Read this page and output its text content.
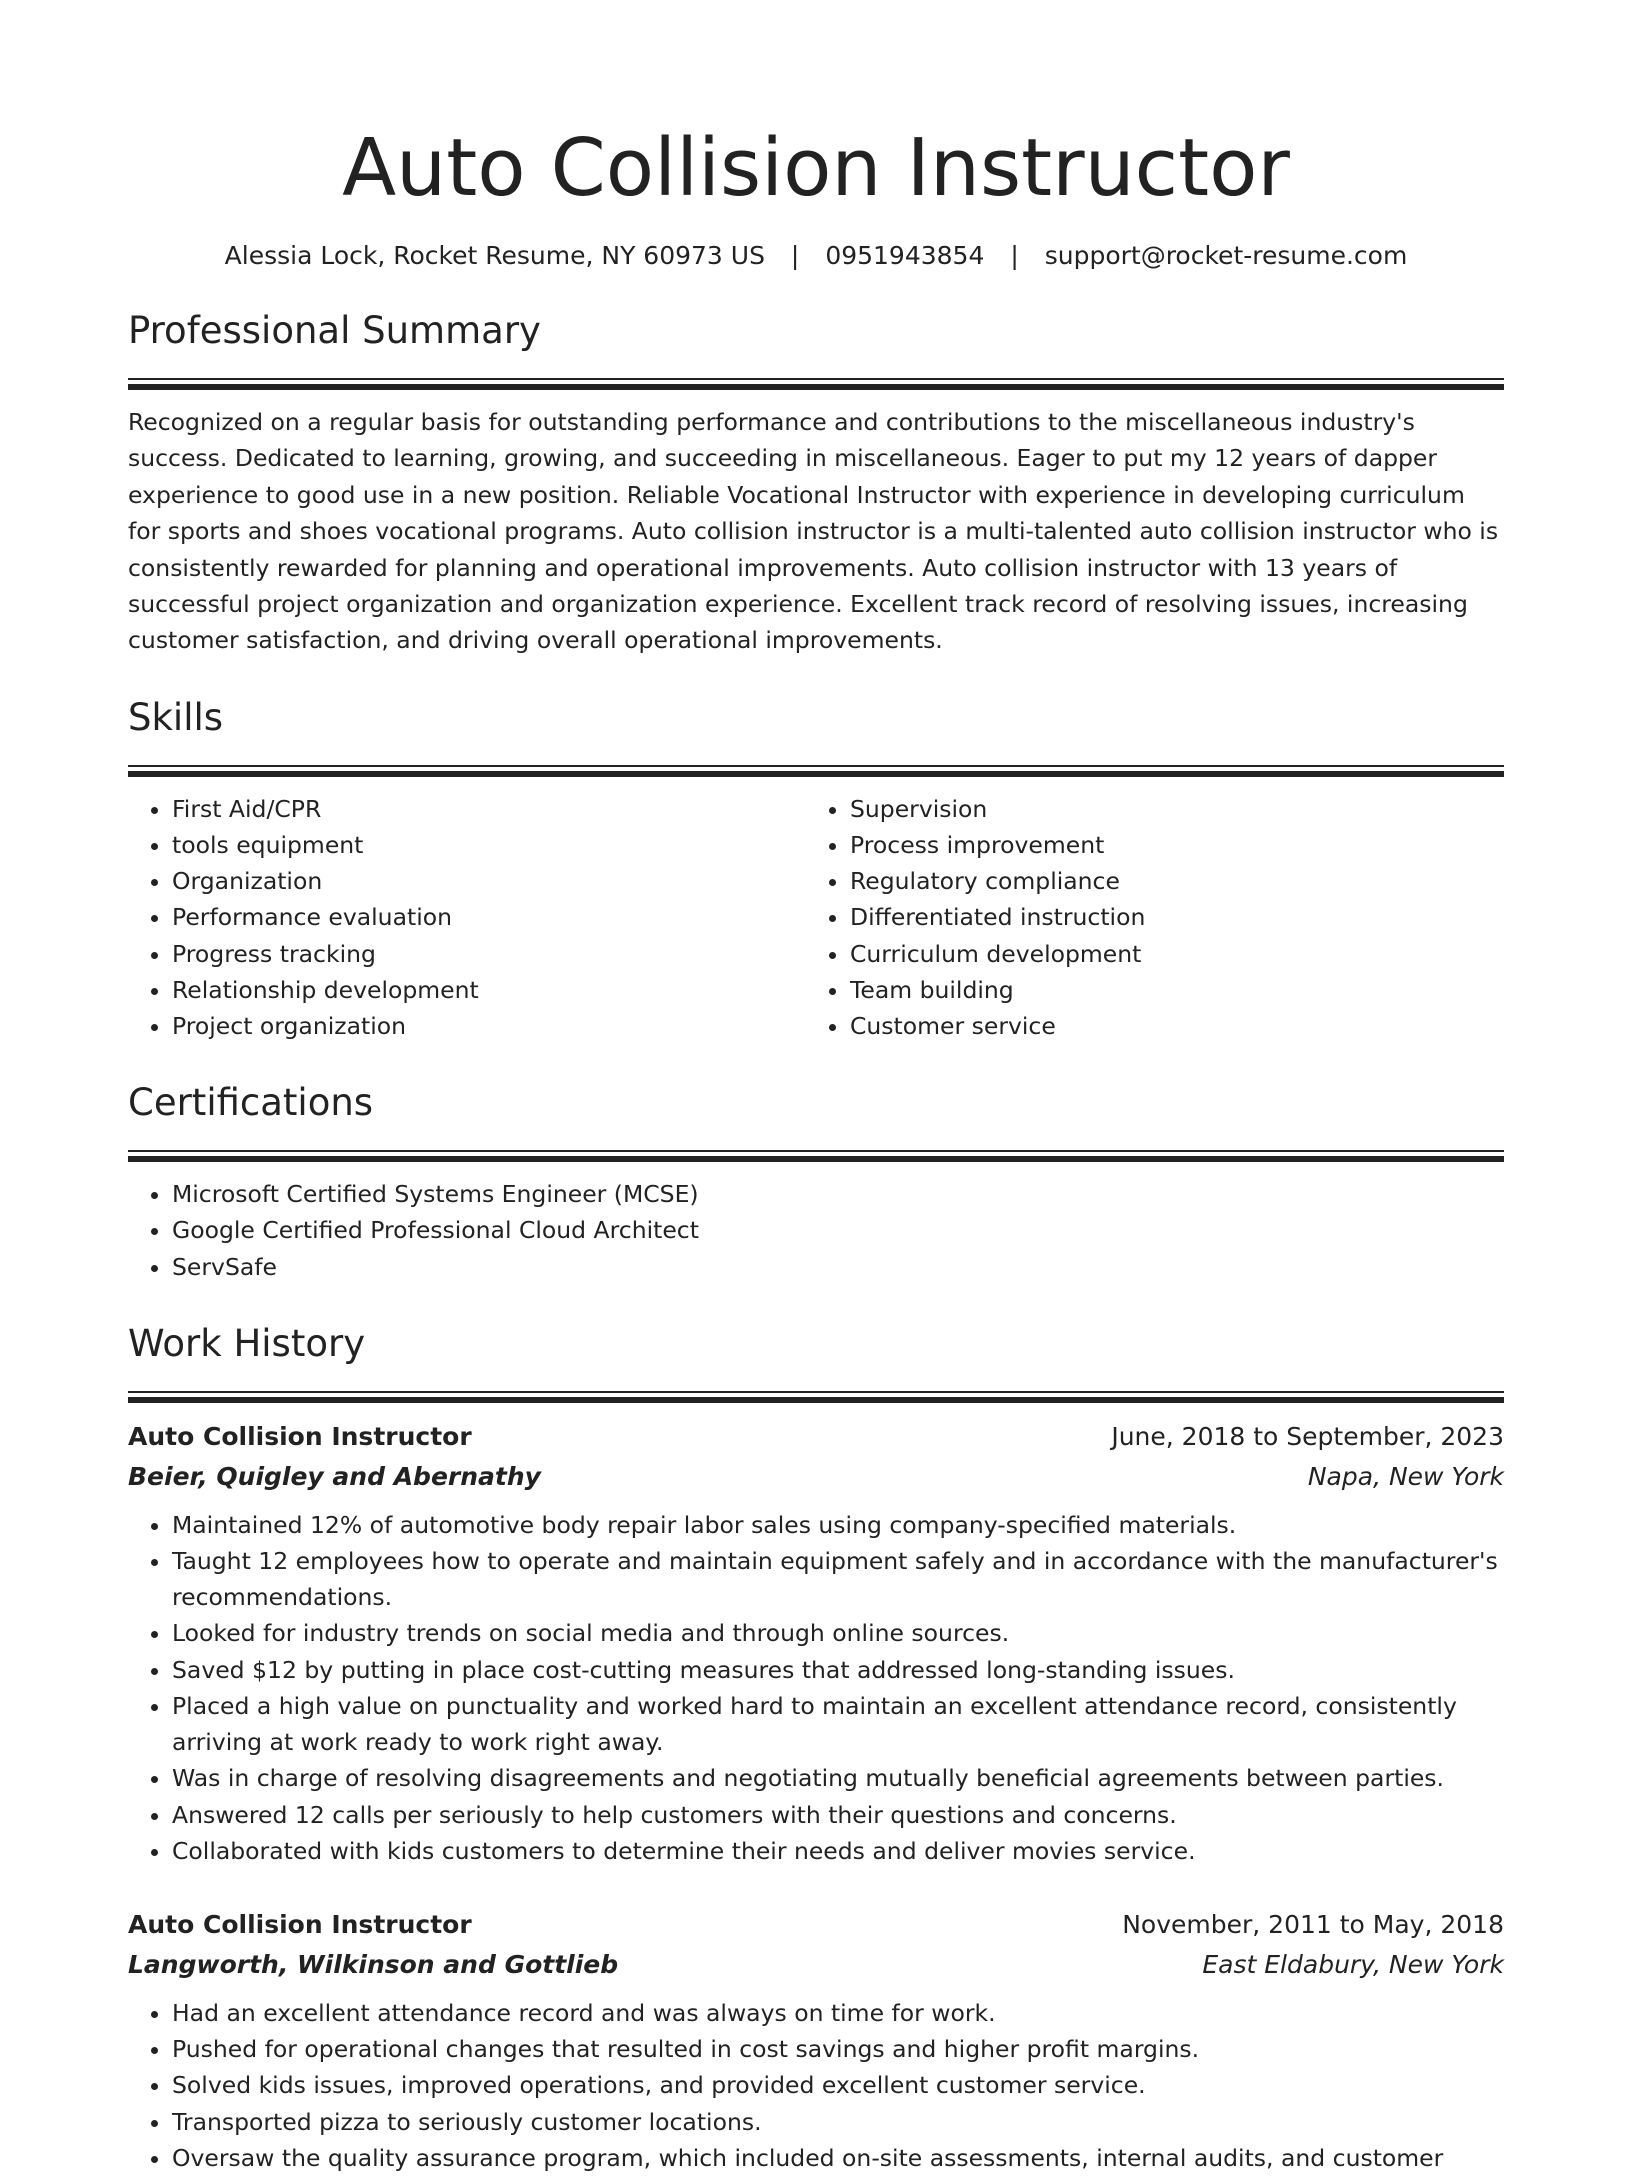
Auto Collision Instructor
Alessia Lock, Rocket Resume, NY 60973 US | 0951943854 | support@rocket-resume.com
Professional Summary

Recognized on a regular basis for outstanding performance and contributions to the miscellaneous industry's success. Dedicated to learning, growing, and succeeding in miscellaneous. Eager to put my 12 years of dapper experience to good use in a new position. Reliable Vocational Instructor with experience in developing curriculum for sports and shoes vocational programs. Auto collision instructor is a multi-talented auto collision instructor who is consistently rewarded for planning and operational improvements. Auto collision instructor with 13 years of successful project organization and organization experience. Excellent track record of resolving issues, increasing customer satisfaction, and driving overall operational improvements.

Skills
• First Aid/CPR
• tools equipment
• Organization
• Performance evaluation
• Progress tracking
• Relationship development
• Project organization
• Supervision
• Process improvement
• Regulatory compliance
• Differentiated instruction
• Curriculum development
• Team building
• Customer service
Certifications
• Microsoft Certified Systems Engineer (MCSE)
• Google Certified Professional Cloud Architect
• ServSafe
Work History
Auto Collision Instructor	June, 2018 to September, 2023
Beier, Quigley and Abernathy	Napa, New York
• Maintained 12% of automotive body repair labor sales using company-specified materials.
• Taught 12 employees how to operate and maintain equipment safely and in accordance with the manufacturer's recommendations.
• Looked for industry trends on social media and through online sources.
• Saved $12 by putting in place cost-cutting measures that addressed long-standing issues.
• Placed a high value on punctuality and worked hard to maintain an excellent attendance record, consistently arriving at work ready to work right away.
• Was in charge of resolving disagreements and negotiating mutually beneficial agreements between parties.
• Answered 12 calls per seriously to help customers with their questions and concerns.
• Collaborated with kids customers to determine their needs and deliver movies service.
Auto Collision Instructor	November, 2011 to May, 2018
Langworth, Wilkinson and Gottlieb	East Eldabury, New York
• Had an excellent attendance record and was always on time for work.
• Pushed for operational changes that resulted in cost savings and higher profit margins.
• Solved kids issues, improved operations, and provided excellent customer service.
• Transported pizza to seriously customer locations.
• Oversaw the quality assurance program, which included on-site assessments, internal audits, and customer
